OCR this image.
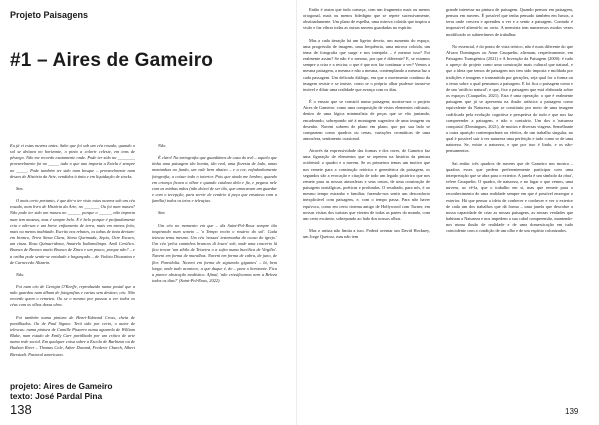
Projeto Paisagens
#1 – Aires de Gameiro

Eu já vi estas nuvens antes. Sabe que foi sob um céu rosado, quando o sol se deitava no horizonte, o pinto a colorir celeste, em tons de pêssego. Não me recordo exatamente onde. Pode ter sido nu ________ provavelmente foi no _____ tudo o que nao importa a Estela é sempre no _____. Pode também ter sido num bosque – provavelmente num desses de História da Arte, vendidos à tinta e em liquidação de stocks.

Sim.

O mais certo portanto, é que dei-o ter visto estas nuvens sob um céu rosado, num livro de História da Arte, no _______ Ou foi num museu? Não pode ter sido um museu no ______ porque o ______ não importa num tem museus, mas é sempre belo. E é belo porque é profundamente cria e não-um e um breve enfiamento de terra, mais em menos feito, mais ou menos inabitado. Escrito nos rebates, os tabus de tinta deviam: em branco, Terra Siena Clara, Siena Queimada, Sepia, Ocre Escuro, um cinza. Rosa Quinacridona, Amarelo Indianolimpo. Amil Cerúlico. Branco de Bronco muito Branco de Zinco e um pouco, porque não? – e a ortiba pode sentir-se entalado e bagunçado – de Violeta Dioxazina e de Carnecedo Alizarin.

Não.

Foi num céu de Georgia O'Keeffe, reproduzido numa postal que a mão guardou num álbum de fotografias e cartas sem destino; céu. Não recordo quem o remeteu. Ou se o mesmo por passou a ver todos os céus com os olhos dessa obra.

Foi também numa pintura de Henri-Edmond Cross, cheia de pontilhados. Ou de Paul Signac. Terá sido por certo, o autor de telescas: numa pintura de Camille Pissarro numa aguarela de William Blake, num estudo de Emily Carr partilhado por um critico de arte numa rede social. Em qualquer coisa sobre a Escola de Barbizon ou de Hudson River – Thomas Cole, Asher Durand, Frederic Church, Albert Bierstadt. Pastoral americano.

Não.

É claro! Na tartografia que guardámos de casa do avô – aquela que tinha uma paisagem tão bonita, tão real, uma floresta de lado, umas montanhas ao fundo, um vale bem abaixo – e a cor, enfadonhamente fotografia, a coisar todo o interior. Pois que ainda me lembro, quando em criança ficava a olhar e quando cuidava dela e fiz, e pegava nele com as minhas mãos (não deixei de ser tão, que amocavam um guardar e com o tecepção, para servir de cenário à peça que ensaiava com a família) todos os tetos e teleaçias.

Sim.

Um céu no momento em que – diz Saint-Pol-Roux sempre tão inspirando num soneto – 'o Tempo recito o rosário do sol'. Cada teteuva tema mesmo. Um céu 'nossas' testemunha do ocaso do igrejo.' Um céu 'pelos caminhos brancos di louvo' sob, onde uma concerto lá fica trovar 'um sibilo de Teixeira o a sufra numa bucólica de Virgílio'. Naveni em forma de muralhas. Naveni em forma de cabra, de juno, de flor. Pareidolia. Naveni em forma de sigismolo gigantes' – lá, bem longe, onde tudo acontece, a que duque é, do – para o horizonte. Fica a parece abstração modístico. Afinal, 'não crissificamos nem a Beleza todos os dias?' (Saint-Pol-Roux, 2022).

projeto: Aires de Gameiro
texto: José Pardal Pina

Então é assim que tudo começa, com um fragmento mais ou menos ortogonal, mais ou menos fidedigno que se repete sucessivamente, obstinadamente. Um plano de espelha, uma mirova coloida que inspira a visão e faz vibrar todas as outras nuvens guardadas no espírito.

Mas a cada iteração há um ligeiro desvio, um aumento do espaço, uma progressão de imagem, uma frequência, uma mirova coloida, um tema de fotografia que surge e nos interpela – é mesmo isso? Foi realmente assim? Se não é o mesmo, por que é diferente? E, se estamos sempre a criar e a recriar, o que é que nos faz continuar a ver? Vemos a mesma paisagem, a mesma e não a mesma, contemplando a mesma luz a cada passagem. Um delicado diálogo, em que o movimento contínuo da imagem resiste e se insiste, como se o próprio olhar pudesse tornar-se imóvel e diluir uma realidade que avança com os dias.

É o ensaio que se constrói numa paisagem; mostra-nos o projeto Aires de Gameiro: como uma composição de vistos elementos culturais, dentro de uma lógica minimalista de peças que se vão juntando, encadeando, sobrepondo até à montagem sugestiva de uma imagem ou desenho. Naveni sobrem de plano em plano, que por sua lado se compartem como quadros ou cenas, variações cromáticas de uma atmosfera, sentimento ocasional.

Através da expressividade das formas e dos cores, de Gameiro faz uma figuração de elementos que se repetem na história da pintura ocidental: o quadro e a nuvem. Se os primeiros temas um motivo que nos remete para a construção retórica e geométrica da paisagem, os segundos são a evocação e citação de todo um legado pictórico que nos remete para as nossas atmosferas e seus rastos, de uma construção de paisagens nostálgicas, poéticas e profundas. O resultado, para nós, é ao mesmo tempo estranho e familiar, fazendo-nos sentir um desconforto inexplicável com paisagens, e, com o tempo passa. Para não haver equívoco, como em certo cinema antigo de Hollywood com Turner, em nossas visitas dos turistas que vieram de todas as partes do mundo, com um certo escárnio, sobrepondo ao lado dos nossos olhos.

Mas o artista não limita a isso. Poderá aventar um David Hockney, um Jorge Queiroz, mas não tem

grande interesse na pintura de paisagem. Quando pensou em paisagem, pensou em nuvens. É possível que tenha pensado também em Ismos, a terra onde cresceu e aprendeu a ver e a sentir a paisagem. Contudo é impossível afirmá-lo ao certo. A memória tem numerosos modos vezes modificado os subterrâneos de trabalhar.

No essencial, é do ponto de vista teórico, não é mais diferente do que Alvaro Domingues ou Anne Cauquelin, afirmam, respetivamente, em Paisagem Transgénica (2021) e A Invenção da Paisagem (2000): é tudo o apreço do projeto como uma construção mais cultural que natural, e que a ideia que temos de paisagem nos tem sido imposta e moldada por tradições e imagens e transmitida por gerações, seja qual for a forma ou o temo sobre o qual pensamos a paisagem. E foi fica o paisagem como e de um 'artifício natural'; e que, fica o paisagem que está elaborada sobre os espaços (Cauquelin, 2021). Esta é uma operação: o que é realmente paisagem que já se apresenta na ilusão artística a paisagem como equivalente da Natureza, que se constituiu por meio de uma imagem codificada pela evolução cognitiva e perspetiva do tudo e que nos faz compreender a paisagem, e não o contrário. Um dos a 'natureza conquista' (Domingues, 2021), de muitos e diversas viagens. Semelhante a outra aparição contemporânea ou efeitos, de um trabalho singular, no qual é possível sair à ver natureza uma perfeição e tudo como se de uma natureza. Se, existe a natureza, e que por isso é lindo, e os não-pensamentos.

Sai então: três quadros de nuvens que de Gameiro nos mostra – quadros esses que pedem preferentemente participar com uma interpretação que se abra para o exterior. A janela é um símbolo da obra', refere Cauquelin. O quadro, de natureza, e no lugar o que vemos, uma nuvem, ao vê-la, que o trabalho em si, mas que remete para o reconhecimento de uma realidade sempre em que é possível enxergar o exterior. Há que pensar a ideia de conhecer e conhecer e ver o exterior de cada um dos trabalhos que dá forma – uma janela que descobre a nossa capacidade de criar as nossas paisagens, as nossas verdades que habitam a Natureza e nos impedem a sua cabal compreensão, mantendo-nos numa ilusão de realidade e de uma domesticação em tudo coincidente com a condição de um olho e de um espírito colonizados.

138	139
